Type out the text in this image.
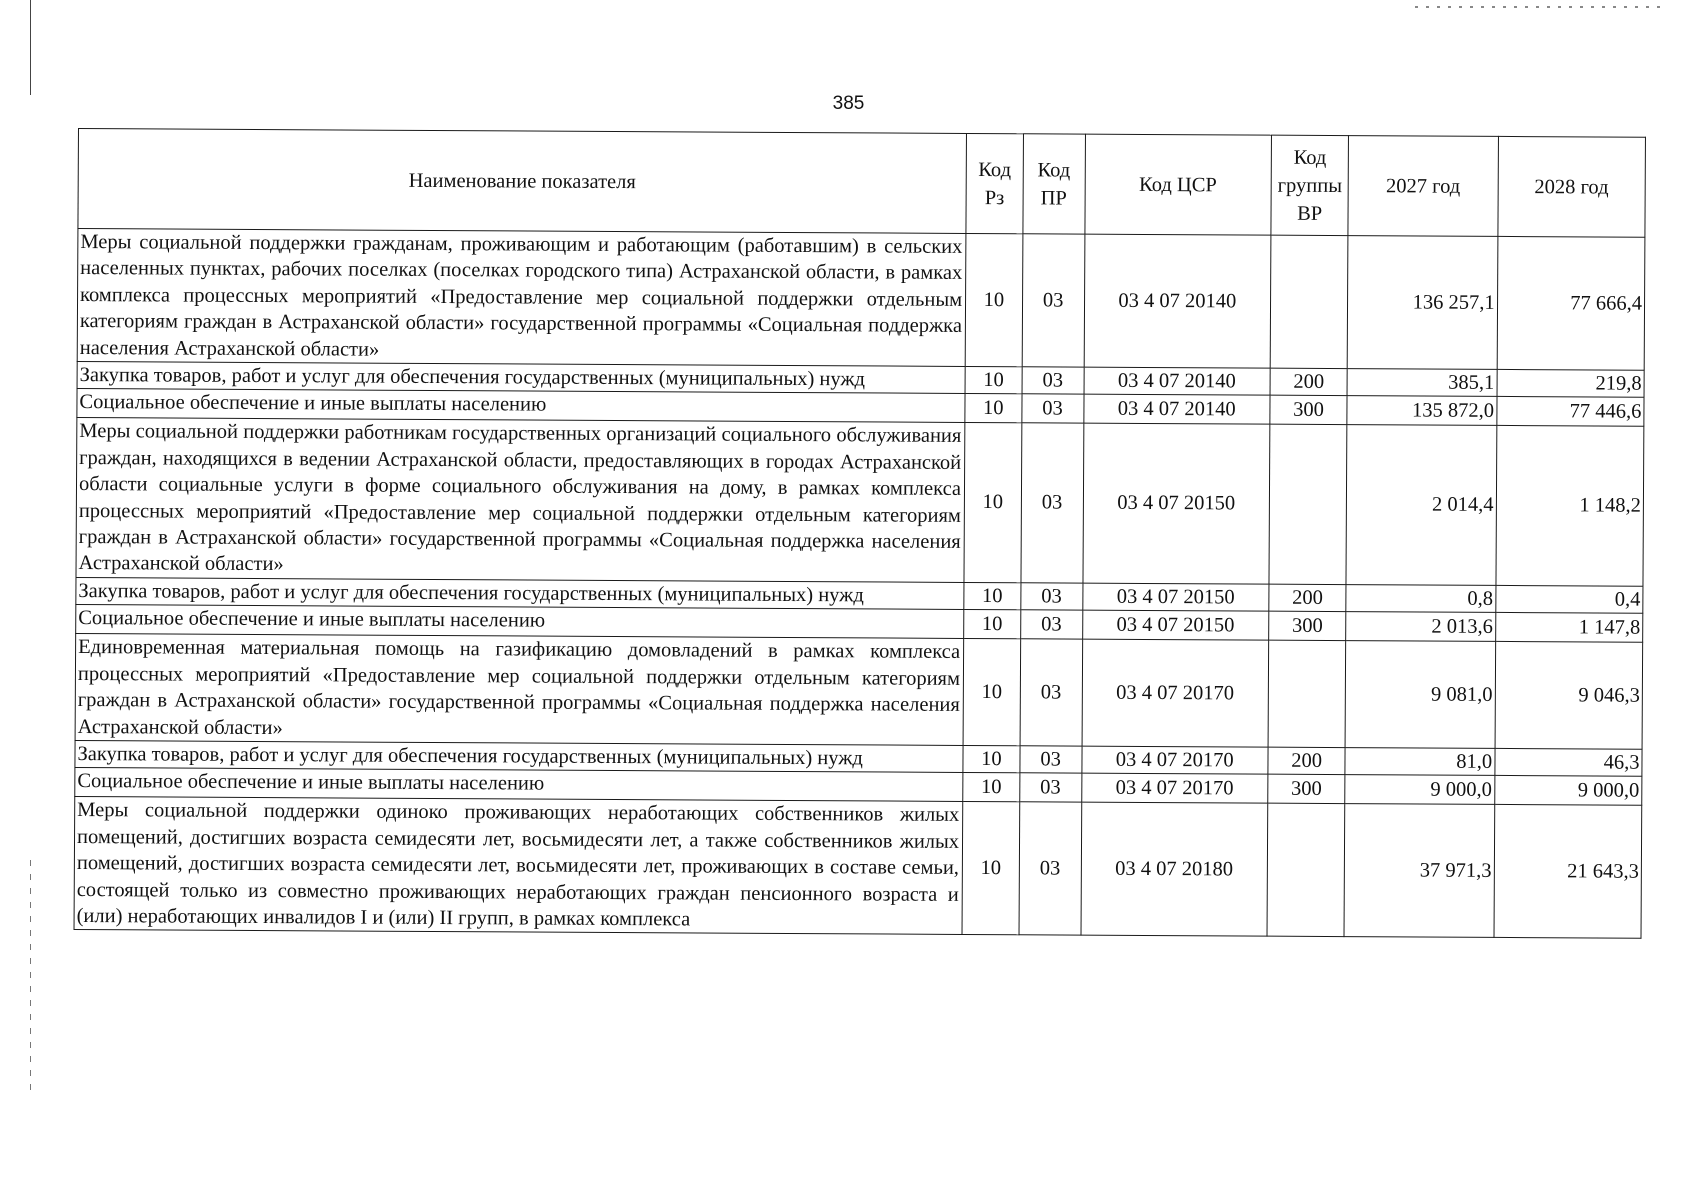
385
Наименование показателя	Код Рз	Код ПР	Код ЦСР	Код группы ВР	2027 год	2028 год
Меры социальной поддержки гражданам, проживающим и работающим (работавшим) в сельских населенных пунктах, рабочих поселках (поселках городского типа) Астраханской области, в рамках комплекса процессных мероприятий «Предоставление мер социальной поддержки отдельным категориям граждан в Астраханской области» государственной программы «Социальная поддержка населения Астраханской области»	10	03	03 4 07 20140		136 257,1	77 666,4
Закупка товаров, работ и услуг для обеспечения государственных (муниципальных) нужд	10	03	03 4 07 20140	200	385,1	219,8
Социальное обеспечение и иные выплаты населению	10	03	03 4 07 20140	300	135 872,0	77 446,6
Меры социальной поддержки работникам государственных организаций социального обслуживания граждан, находящихся в ведении Астраханской области, предоставляющих в городах Астраханской области социальные услуги в форме социального обслуживания на дому, в рамках комплекса процессных мероприятий «Предоставление мер социальной поддержки отдельным категориям граждан в Астраханской области» государственной программы «Социальная поддержка населения Астраханской области»	10	03	03 4 07 20150		2 014,4	1 148,2
Закупка товаров, работ и услуг для обеспечения государственных (муниципальных) нужд	10	03	03 4 07 20150	200	0,8	0,4
Социальное обеспечение и иные выплаты населению	10	03	03 4 07 20150	300	2 013,6	1 147,8
Единовременная материальная помощь на газификацию домовладений в рамках комплекса процессных мероприятий «Предоставление мер социальной поддержки отдельным категориям граждан в Астраханской области» государственной программы «Социальная поддержка населения Астраханской области»	10	03	03 4 07 20170		9 081,0	9 046,3
Закупка товаров, работ и услуг для обеспечения государственных (муниципальных) нужд	10	03	03 4 07 20170	200	81,0	46,3
Социальное обеспечение и иные выплаты населению	10	03	03 4 07 20170	300	9 000,0	9 000,0
Меры социальной поддержки одиноко проживающих неработающих собственников жилых помещений, достигших возраста семидесяти лет, восьмидесяти лет, а также собственников жилых помещений, достигших возраста семидесяти лет, восьмидесяти лет, проживающих в составе семьи, состоящей только из совместно проживающих неработающих граждан пенсионного возраста и (или) неработающих инвалидов I и (или) II групп, в рамках комплекса	10	03	03 4 07 20180		37 971,3	21 643,3
